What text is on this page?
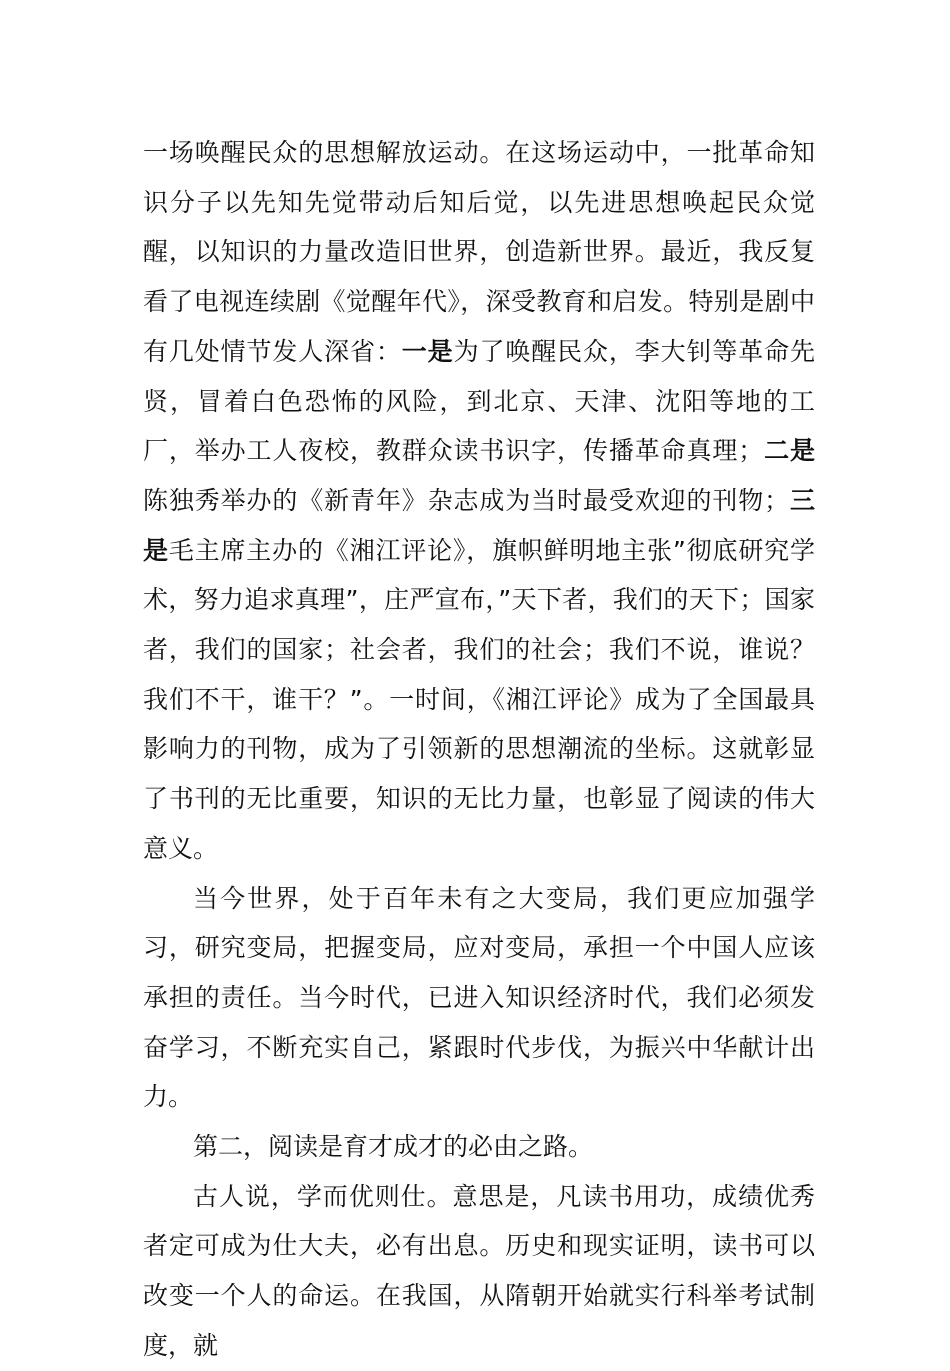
一场唤醒民众的思想解放运动。在这场运动中，一批革命知识分子以先知先觉带动后知后觉，以先进思想唤起民众觉醒，以知识的力量改造旧世界，创造新世界。最近，我反复看了电视连续剧《觉醒年代》，深受教育和启发。特别是剧中有几处情节发人深省：一是为了唤醒民众，李大钊等革命先贤，冒着白色恐怖的风险，到北京、天津、沈阳等地的工厂，举办工人夜校，教群众读书识字，传播革命真理；二是陈独秀举办的《新青年》杂志成为当时最受欢迎的刊物；三是毛主席主办的《湘江评论》，旗帜鲜明地主张”彻底研究学术，努力追求真理”，庄严宣布，”天下者，我们的天下；国家者，我们的国家；社会者，我们的社会；我们不说，谁说？我们不干，谁干？”。一时间，《湘江评论》成为了全国最具影响力的刊物，成为了引领新的思想潮流的坐标。这就彰显了书刊的无比重要，知识的无比力量，也彰显了阅读的伟大意义。

当今世界，处于百年未有之大变局，我们更应加强学习，研究变局，把握变局，应对变局，承担一个中国人应该承担的责任。当今时代，已进入知识经济时代，我们必须发奋学习，不断充实自己，紧跟时代步伐，为振兴中华献计出力。

第二，阅读是育才成才的必由之路。

古人说，学而优则仕。意思是，凡读书用功，成绩优秀者定可成为仕大夫，必有出息。历史和现实证明，读书可以改变一个人的命运。在我国，从隋朝开始就实行科举考试制度，就
